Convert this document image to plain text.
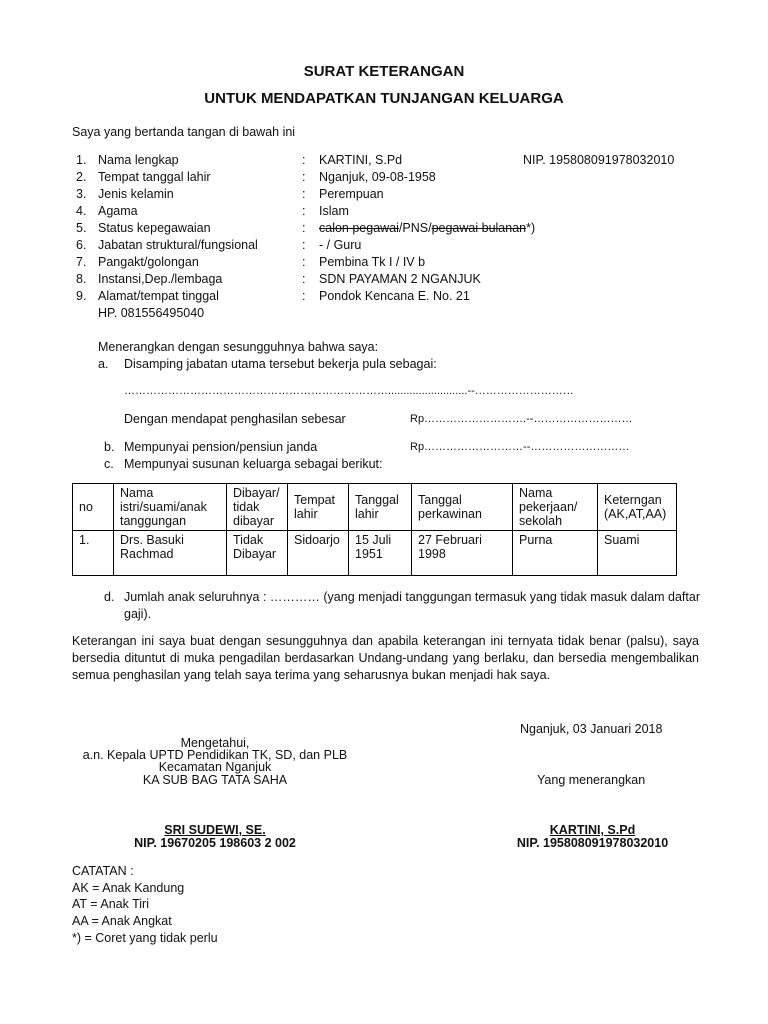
SURAT KETERANGAN
UNTUK MENDAPATKAN TUNJANGAN KELUARGA
Saya yang bertanda tangan di bawah ini
1. Nama lengkap	: KARTINI, S.Pd	NIP. 195808091978032010
2. Tempat tanggal lahir	: Nganjuk, 09-08-1958
3. Jenis kelamin	: Perempuan
4. Agama	: Islam
5. Status kepegawaian	: calon pegawai/PNS/pegawai bulanan*)
6. Jabatan struktural/fungsional	: - / Guru
7. Pangakt/golongan	: Pembina Tk I / IV b
8. Instansi,Dep./lembaga	: SDN PAYAMAN 2 NGANJUK
9. Alamat/tempat tinggal	: Pondok Kencana E. No. 21
HP. 081556495040
Menerangkan dengan sesungguhnya bahwa saya:
a. Disamping jabatan utama tersebut bekerja pula sebagai:
………………………………………………………………..........................--………………………
Dengan mendapat penghasilan sebesar	Rp……………………….--………………………
b. Mempunyai pension/pensiun janda	Rp………………………--………………………
c. Mempunyai susunan keluarga sebagai berikut:
no	Nama istri/suami/anak tanggungan	Dibayar/ tidak dibayar	Tempat lahir	Tanggal lahir	Tanggal perkawinan	Nama pekerjaan/ sekolah	Keterngan (AK,AT,AA)
1.	Drs. Basuki Rachmad	Tidak Dibayar	Sidoarjo	15 Juli 1951	27 Februari 1998	Purna	Suami
d. Jumlah anak seluruhnya : ………… (yang menjadi tanggungan termasuk yang tidak masuk dalam daftar
gaji).
Keterangan ini saya buat dengan sesungguhnya dan apabila keterangan ini ternyata tidak benar (palsu), saya bersedia dituntut di muka pengadilan berdasarkan Undang-undang yang berlaku, dan bersedia mengembalikan semua penghasilan yang telah saya terima yang seharusnya bukan menjadi hak saya.
Nganjuk, 03 Januari 2018
Mengetahui,
a.n. Kepala UPTD Pendidikan TK, SD, dan PLB
Kecamatan Nganjuk
KA SUB BAG TATA SAHA	Yang menerangkan
SRI SUDEWI, SE.
NIP. 19670205 198603 2 002
KARTINI, S.Pd
NIP. 195808091978032010
CATATAN :
AK = Anak Kandung
AT = Anak Tiri
AA = Anak Angkat
*) = Coret yang tidak perlu
